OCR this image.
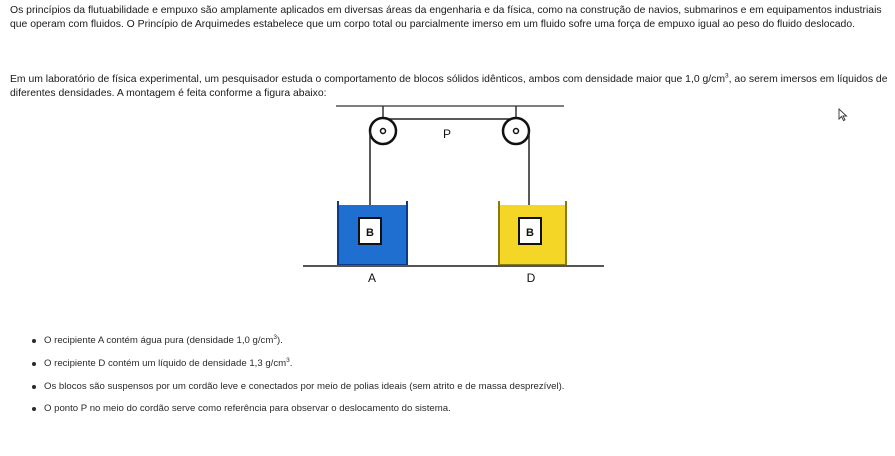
Os princípios da flutuabilidade e empuxo são amplamente aplicados em diversas áreas da engenharia e da física, como na construção de navios, submarinos e em equipamentos industriais que operam com fluidos. O Princípio de Arquimedes estabelece que um corpo total ou parcialmente imerso em um fluido sofre uma força de empuxo igual ao peso do fluido deslocado.

Em um laboratório de física experimental, um pesquisador estuda o comportamento de blocos sólidos idênticos, ambos com densidade maior que 1,0 $g/cm^3$, ao serem imersos em líquidos de diferentes densidades. A montagem é feita conforme a figura abaixo:

P
B	B
A	D
O recipiente A contém água pura (densidade 1,0 $g/cm^3$).
O recipiente D contém um líquido de densidade 1,3 $g/cm^3$.
Os blocos são suspensos por um cordão leve e conectados por meio de polias ideais (sem atrito e de massa desprezível).
O ponto P no meio do cordão serve como referência para observar o deslocamento do sistema.
